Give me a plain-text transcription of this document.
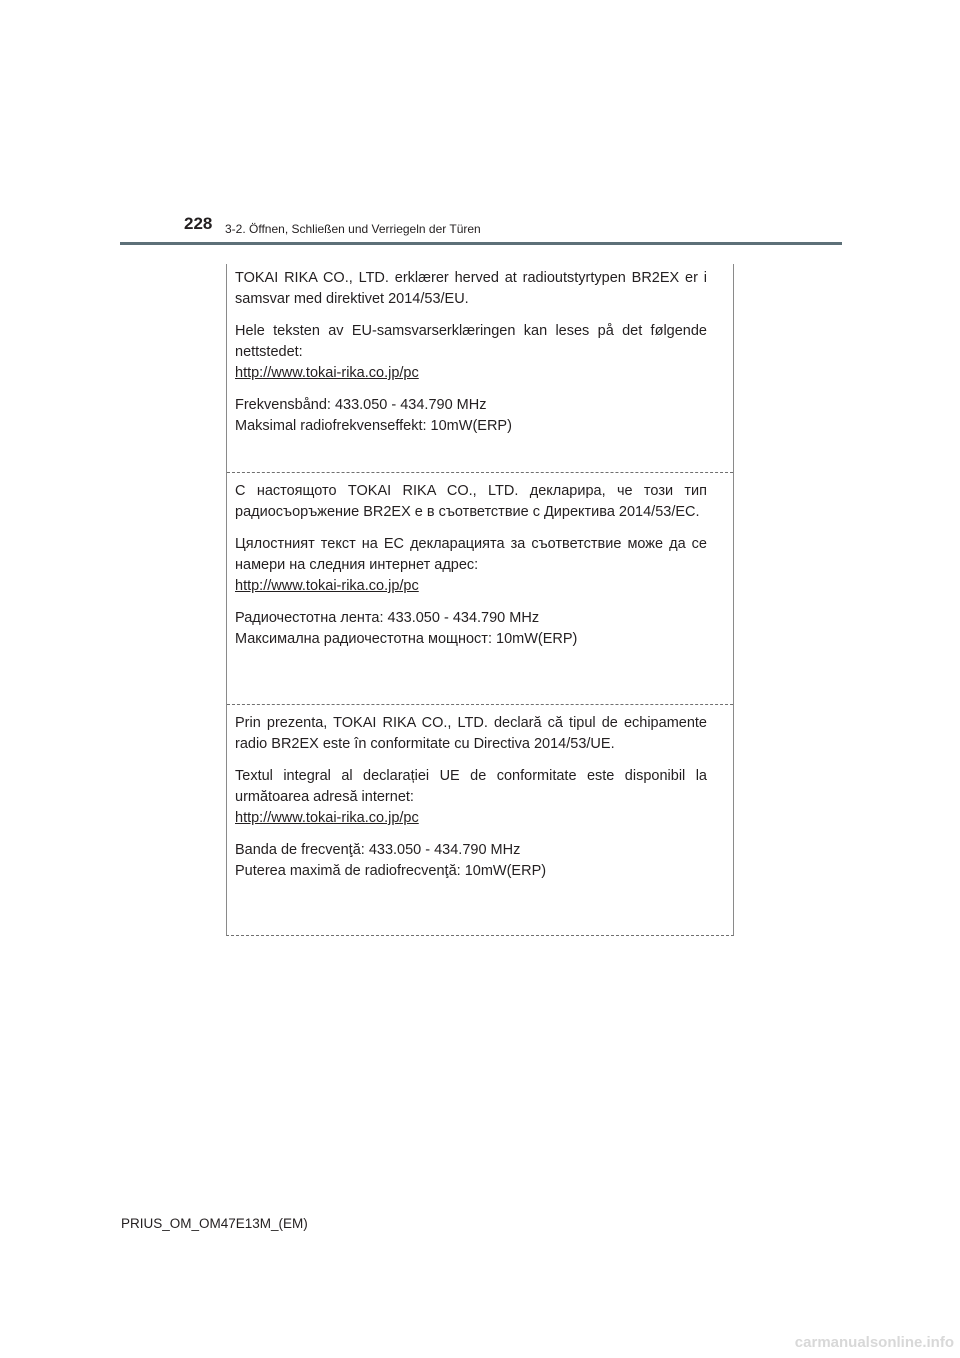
228 3-2. Öffnen, Schließen und Verriegeln der Türen

TOKAI RIKA CO., LTD. erklærer herved at radioutstyrtypen BR2EX er i samsvar med direktivet 2014/53/EU.

Hele teksten av EU-samsvarserklæringen kan leses på det følgende nettstedet:

http://www.tokai-rika.co.jp/pc

Frekvensbånd: 433.050 - 434.790 MHz

Maksimal radiofrekvenseffekt: 10mW(ERP)

С настоящото TOKAI RIKA CO., LTD. декларира, че този тип радиосъоръжение BR2EX е в съответствие с Директива 2014/53/ЕС.

Цялостният текст на ЕС декларацията за съответствие може да се намери на следния интернет адрес:

http://www.tokai-rika.co.jp/pc

Радиочестотна лента: 433.050 - 434.790 MHz

Максимална радиочестотна мощност: 10mW(ERP)

Prin prezenta, TOKAI RIKA CO., LTD. declară că tipul de echipamente radio BR2EX este în conformitate cu Directiva 2014/53/UE.

Textul integral al declarației UE de conformitate este disponibil la următoarea adresă internet:

http://www.tokai-rika.co.jp/pc

Banda de frecvenţă: 433.050 - 434.790 MHz

Puterea maximă de radiofrecvenţă: 10mW(ERP)

PRIUS_OM_OM47E13M_(EM)
carmanualsonline.info
